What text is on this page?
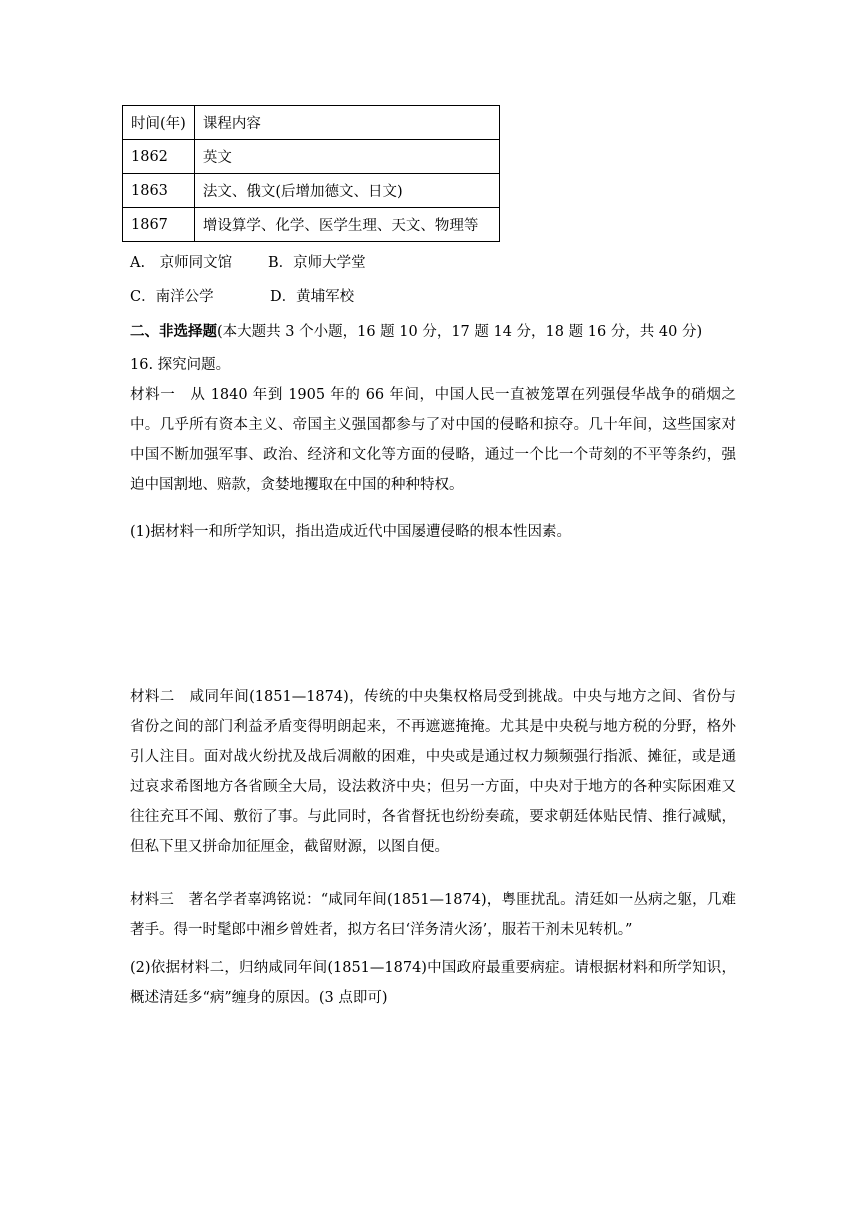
时间(年)	课程内容
1862	英文
1863	法文、俄文(后增加德文、日文)
1867	增设算学、化学、医学生理、天文、物理等
A.　京师同文馆 B．京师大学堂
C．南洋公学	D．黄埔军校
二、非选择题(本大题共 3 个小题，16 题 10 分，17 题 14 分，18 题 16 分，共 40 分)
16. 探究问题。
材料一　从 1840 年到 1905 年的 66 年间，中国人民一直被笼罩在列强侵华战争的硝烟之中。几乎所有资本主义、帝国主义强国都参与了对中国的侵略和掠夺。几十年间，这些国家对中国不断加强军事、政治、经济和文化等方面的侵略，通过一个比一个苛刻的不平等条约，强迫中国割地、赔款，贪婪地攫取在中国的种种特权。
(1)据材料一和所学知识，指出造成近代中国屡遭侵略的根本性因素。
材料二　咸同年间(1851—1874)，传统的中央集权格局受到挑战。中央与地方之间、省份与省份之间的部门利益矛盾变得明朗起来，不再遮遮掩掩。尤其是中央税与地方税的分野，格外引人注目。面对战火纷扰及战后凋敝的困难，中央或是通过权力频频强行指派、摊征，或是通过哀求希图地方各省顾全大局，设法救济中央；但另一方面，中央对于地方的各种实际困难又往往充耳不闻、敷衍了事。与此同时，各省督抚也纷纷奏疏，要求朝廷体贴民情、推行减赋，但私下里又拼命加征厘金，截留财源，以图自便。
材料三　著名学者辜鸿铭说：“咸同年间(1851—1874)，粤匪扰乱。清廷如一丛病之躯，几难著手。得一时髦郎中湘乡曾姓者，拟方名曰‘洋务清火汤’，服若干剂未见转机。”
(2)依据材料二，归纳咸同年间(1851—1874)中国政府最重要病症。请根据材料和所学知识，概述清廷多“病”缠身的原因。(3 点即可)
